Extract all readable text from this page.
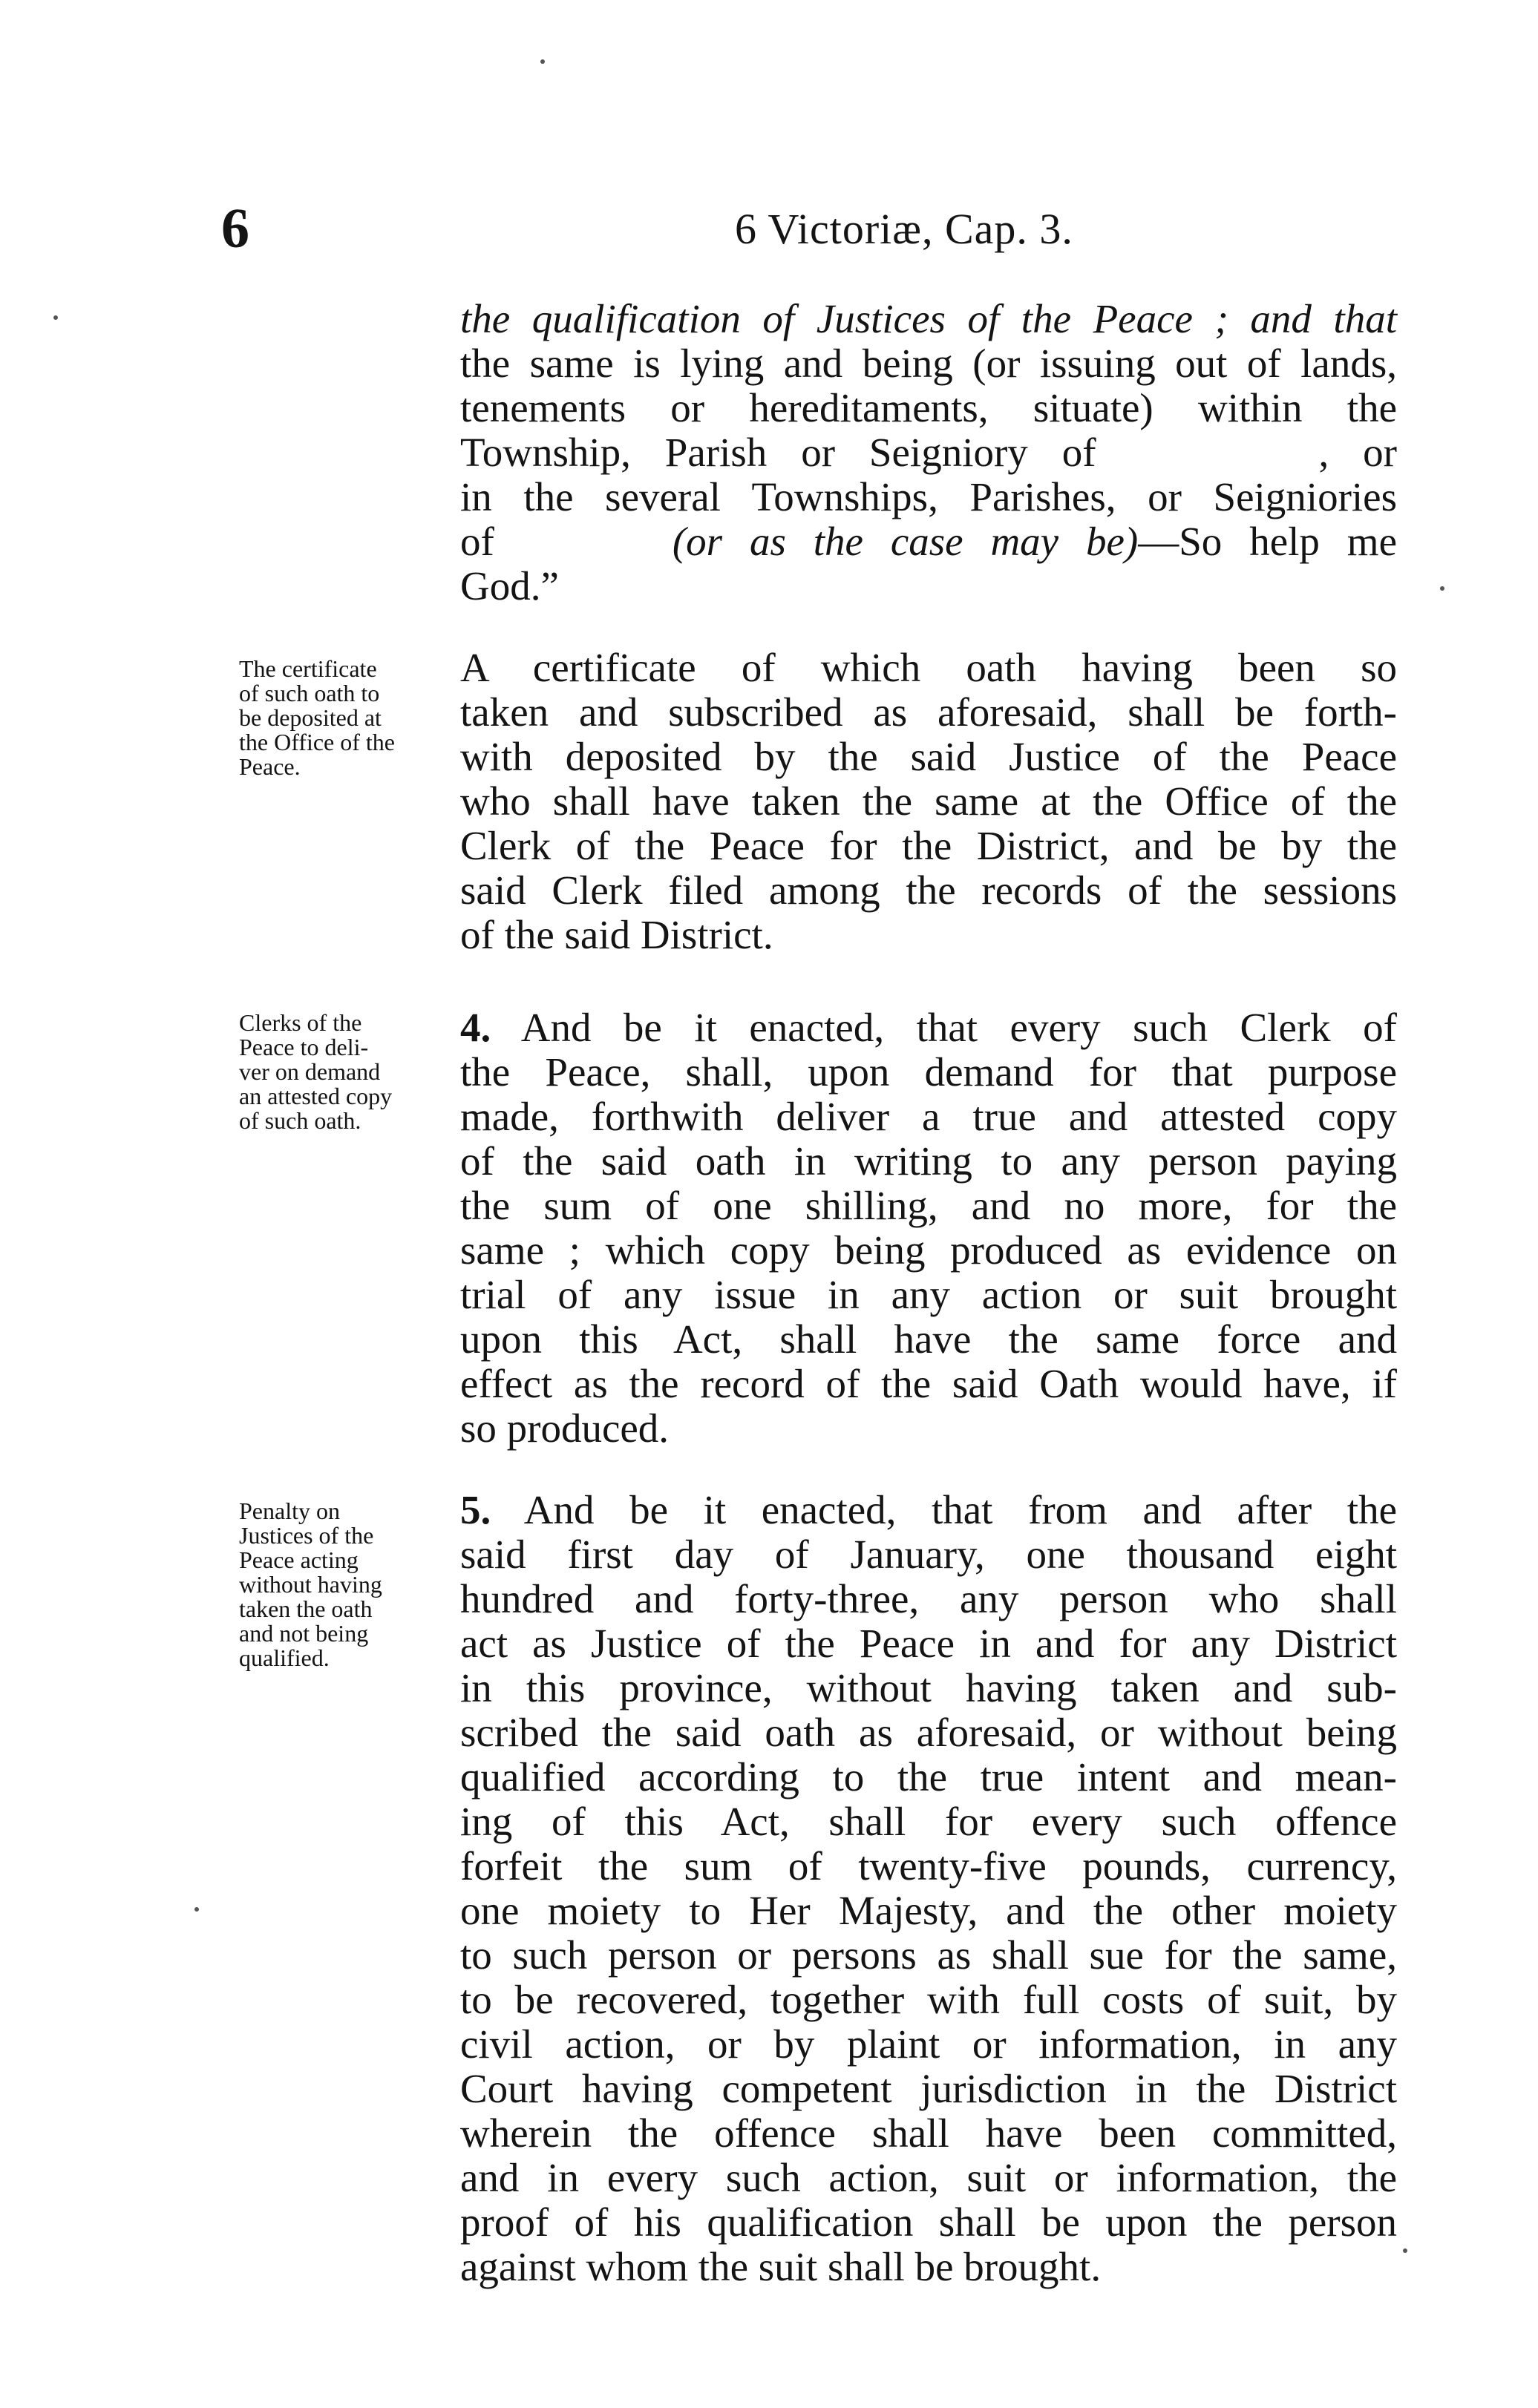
6	6 Victoriæ, Cap. 3.
the qualification of Justices of the Peace ; and that
the same is lying and being (or issuing out of lands,
tenements or hereditaments, situate) within the
Township, Parish or Seigniory of	, or
in the several Townships, Parishes, or Seigniories
of	(or as the case may be)—So help me
God.”
The certificate
of such oath to
be deposited at
the Office of the
Peace.
A certificate of which oath having been so
taken and subscribed as aforesaid, shall be forth-
with deposited by the said Justice of the Peace
who shall have taken the same at the Office of the
Clerk of the Peace for the District, and be by the
said Clerk filed among the records of the sessions
of the said District.
Clerks of the
Peace to deli-
ver on demand
an attested copy
of such oath.
4. And be it enacted, that every such Clerk of
the Peace, shall, upon demand for that purpose
made, forthwith deliver a true and attested copy
of the said oath in writing to any person paying
the sum of one shilling, and no more, for the
same ; which copy being produced as evidence on
trial of any issue in any action or suit brought
upon this Act, shall have the same force and
effect as the record of the said Oath would have, if
so produced.
Penalty on
Justices of the
Peace acting
without having
taken the oath
and not being
qualified.
5. And be it enacted, that from and after the
said first day of January, one thousand eight
hundred and forty-three, any person who shall
act as Justice of the Peace in and for any District
in this province, without having taken and sub-
scribed the said oath as aforesaid, or without being
qualified according to the true intent and mean-
ing of this Act, shall for every such offence
forfeit the sum of twenty-five pounds, currency,
one moiety to Her Majesty, and the other moiety
to such person or persons as shall sue for the same,
to be recovered, together with full costs of suit, by
civil action, or by plaint or information, in any
Court having competent jurisdiction in the District
wherein the offence shall have been committed,
and in every such action, suit or information, the
proof of his qualification shall be upon the person
against whom the suit shall be brought.
